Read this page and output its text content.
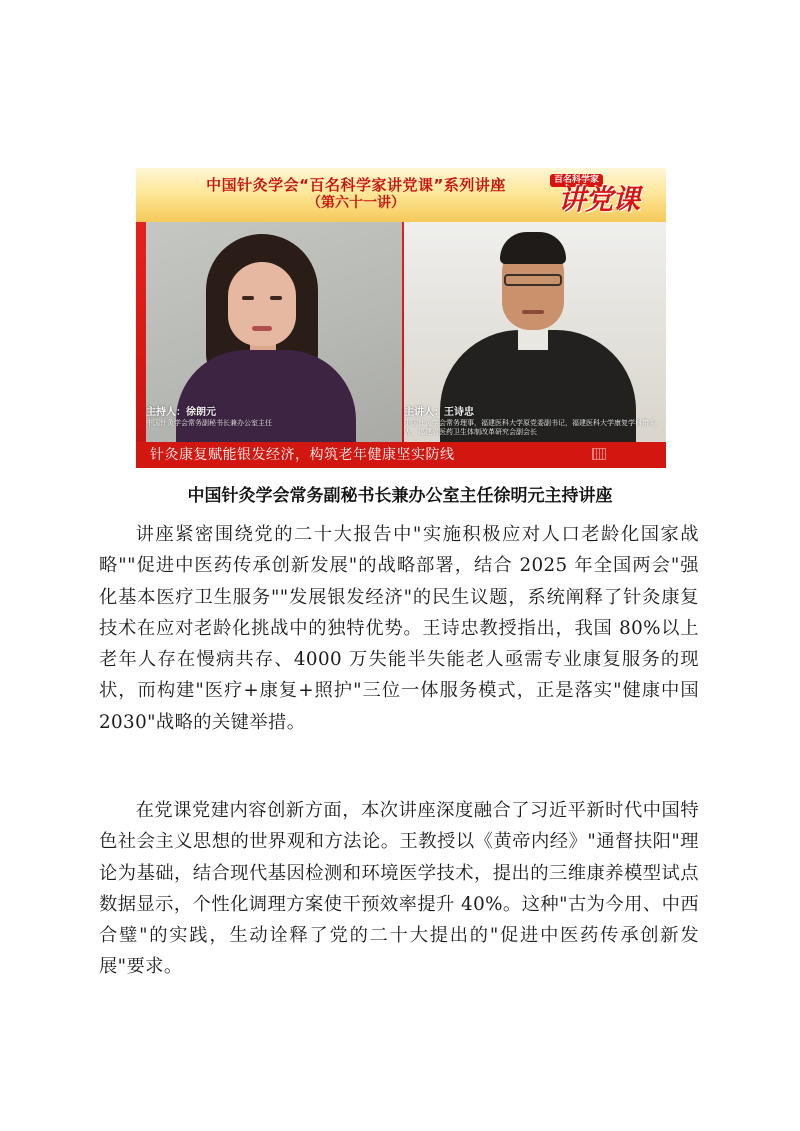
中国针灸学会“百名科学家讲党课”系列讲座
（第六十一讲）
百名科学家
讲党课
主持人：徐朗元
中国针灸学会常务副秘书长兼办公室主任
主讲人：王诗忠
中国针灸学会常务理事，福建医科大学原党委副书记，福建医科大学康复学科带头人，福建省医药卫生体制改革研究会副会长
针灸康复赋能银发经济，构筑老年健康坚实防线
中国针灸学会常务副秘书长兼办公室主任徐明元主持讲座
讲座紧密围绕党的二十大报告中"实施积极应对人口老龄化国家战略""促进中医药传承创新发展"的战略部署，结合 2025 年全国两会"强化基本医疗卫生服务""发展银发经济"的民生议题，系统阐释了针灸康复技术在应对老龄化挑战中的独特优势。王诗忠教授指出，我国 80%以上老年人存在慢病共存、4000 万失能半失能老人亟需专业康复服务的现状，而构建"医疗+康复+照护"三位一体服务模式，正是落实"健康中国 2030"战略的关键举措。
在党课党建内容创新方面，本次讲座深度融合了习近平新时代中国特色社会主义思想的世界观和方法论。王教授以《黄帝内经》"通督扶阳"理论为基础，结合现代基因检测和环境医学技术，提出的三维康养模型试点数据显示，个性化调理方案使干预效率提升 40%。这种"古为今用、中西合璧"的实践，生动诠释了党的二十大提出的"促进中医药传承创新发展"要求。
